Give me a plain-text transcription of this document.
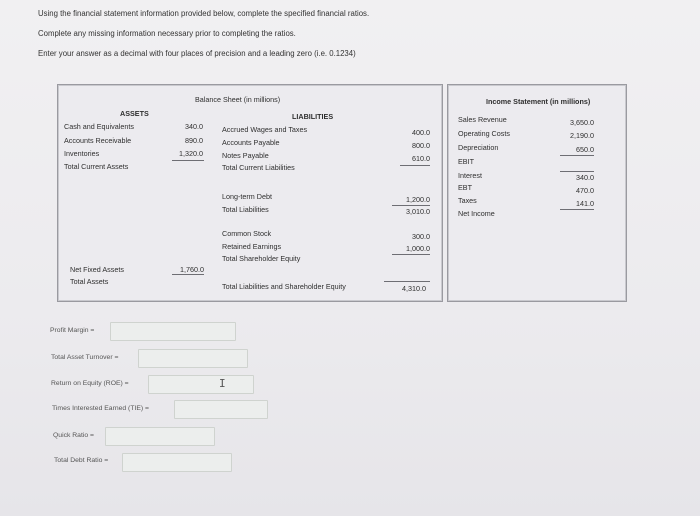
Using the financial statement information provided below, complete the specified financial ratios.
Complete any missing information necessary prior to completing the ratios.
Enter your answer as a decimal with four places of precision and a leading zero (i.e. 0.1234)
Balance Sheet (in millions)
ASSETS
Cash and Equivalents
Accounts Receivable
Inventories
Total Current Assets
340.0
890.0
1,320.0
Net Fixed Assets
Total Assets
1,760.0
LIABILITIES
Accrued Wages and Taxes
Accounts Payable
Notes Payable
Total Current Liabilities
400.0
800.0
610.0
Long-term Debt
Total Liabilities
1,200.0
3,010.0
Common Stock
Retained Earnings
Total Shareholder Equity
300.0
1,000.0
Total Liabilities and Shareholder Equity	4,310.0
Income Statement (in millions)
Sales Revenue
Operating Costs
Depreciation
EBIT
Interest
EBT
Taxes
Net Income
3,650.0
2,190.0
650.0
340.0
470.0
141.0
Profit Margin =
Total Asset Turnover =
Return on Equity (ROE) =	I
Times Interested Earned (TIE) =
Quick Ratio =
Total Debt Ratio =
